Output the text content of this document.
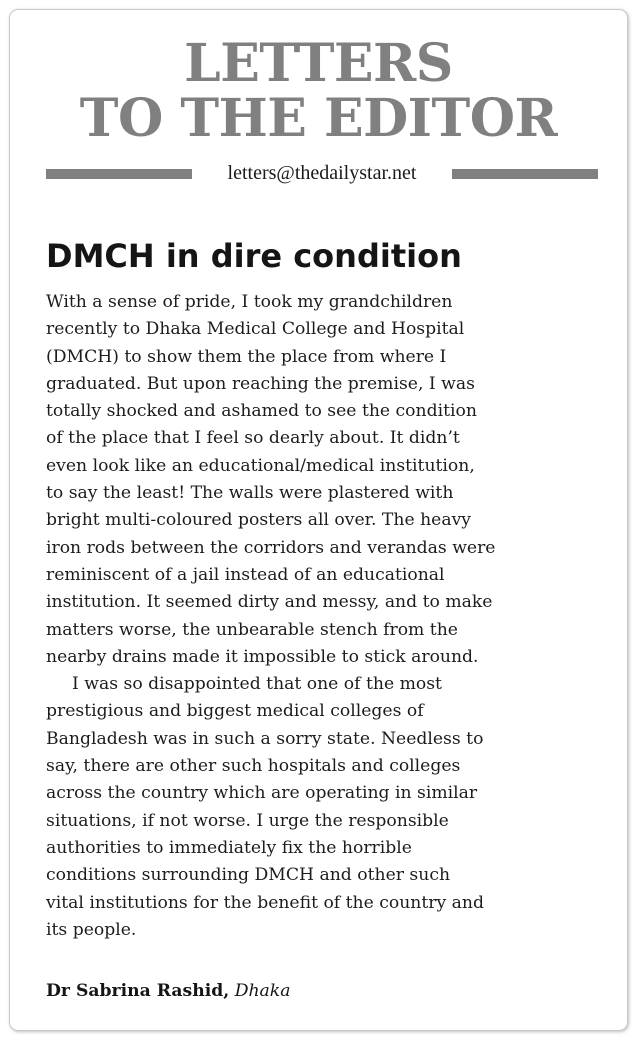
LETTERS
TO THE EDITOR
letters@thedailystar.net
DMCH in dire condition
With a sense of pride, I took my grandchildren
recently to Dhaka Medical College and Hospital
(DMCH) to show them the place from where I
graduated. But upon reaching the premise, I was
totally shocked and ashamed to see the condition
of the place that I feel so dearly about. It didn’t
even look like an educational/medical institution,
to say the least! The walls were plastered with
bright multi-coloured posters all over. The heavy
iron rods between the corridors and verandas were
reminiscent of a jail instead of an educational
institution. It seemed dirty and messy, and to make
matters worse, the unbearable stench from the
nearby drains made it impossible to stick around.
I was so disappointed that one of the most
prestigious and biggest medical colleges of
Bangladesh was in such a sorry state. Needless to
say, there are other such hospitals and colleges
across the country which are operating in similar
situations, if not worse. I urge the responsible
authorities to immediately fix the horrible
conditions surrounding DMCH and other such
vital institutions for the benefit of the country and
its people.
Dr Sabrina Rashid, Dhaka
